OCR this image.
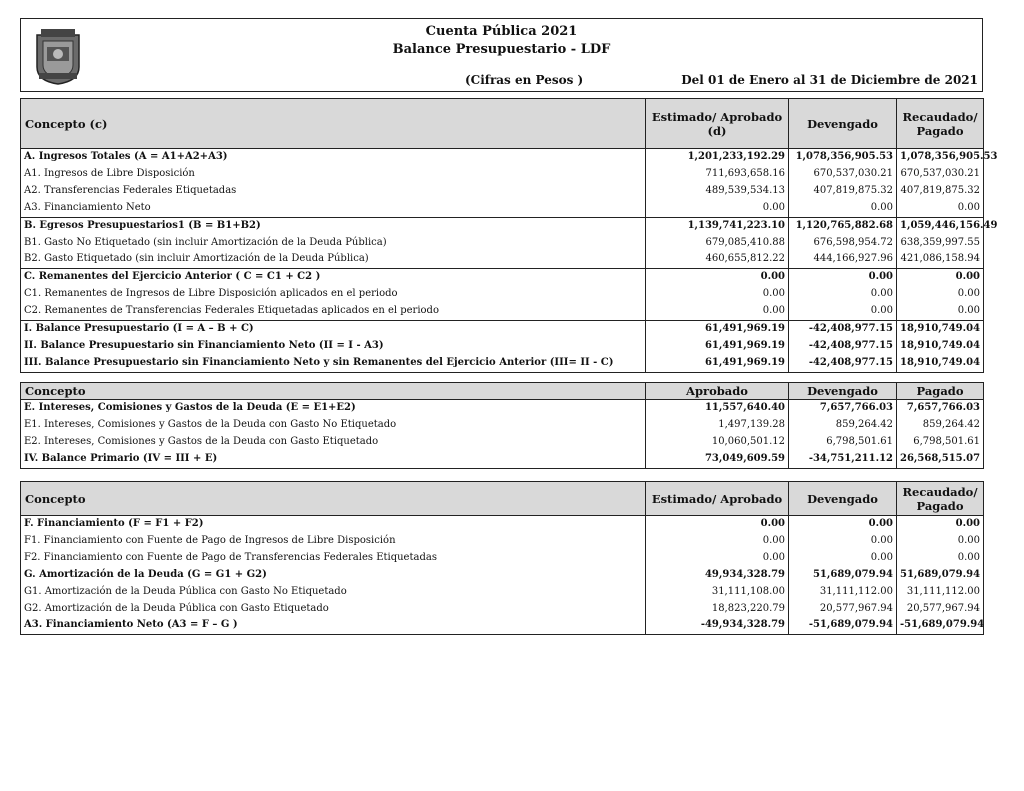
Cuenta Pública 2021
Balance Presupuestario - LDF
(Cifras en Pesos )	Del 01 de Enero al 31 de Diciembre de 2021
Concepto (c)	Estimado/ Aprobado (d)	Devengado	Recaudado/ Pagado
A. Ingresos Totales (A = A1+A2+A3)	1,201,233,192.29	1,078,356,905.53	1,078,356,905.53
A1. Ingresos de Libre Disposición	711,693,658.16	670,537,030.21	670,537,030.21
A2. Transferencias Federales Etiquetadas	489,539,534.13	407,819,875.32	407,819,875.32
A3. Financiamiento Neto	0.00	0.00	0.00
B. Egresos Presupuestarios1 (B = B1+B2)	1,139,741,223.10	1,120,765,882.68	1,059,446,156.49
B1. Gasto No Etiquetado (sin incluir Amortización de la Deuda Pública)	679,085,410.88	676,598,954.72	638,359,997.55
B2. Gasto Etiquetado (sin incluir Amortización de la Deuda Pública)	460,655,812.22	444,166,927.96	421,086,158.94
C. Remanentes del Ejercicio Anterior ( C = C1 + C2 )	0.00	0.00	0.00
C1. Remanentes de Ingresos de Libre Disposición aplicados en el periodo	0.00	0.00	0.00
C2. Remanentes de Transferencias Federales Etiquetadas aplicados en el periodo	0.00	0.00	0.00
I. Balance Presupuestario (I = A – B + C)	61,491,969.19	-42,408,977.15	18,910,749.04
II. Balance Presupuestario sin Financiamiento Neto (II = I - A3)	61,491,969.19	-42,408,977.15	18,910,749.04
III. Balance Presupuestario sin Financiamiento Neto y sin Remanentes del Ejercicio Anterior (III= II - C)	61,491,969.19	-42,408,977.15	18,910,749.04
Concepto	Aprobado	Devengado	Pagado
E. Intereses, Comisiones y Gastos de la Deuda (E = E1+E2)	11,557,640.40	7,657,766.03	7,657,766.03
E1. Intereses, Comisiones y Gastos de la Deuda con Gasto No Etiquetado	1,497,139.28	859,264.42	859,264.42
E2. Intereses, Comisiones y Gastos de la Deuda con Gasto Etiquetado	10,060,501.12	6,798,501.61	6,798,501.61
IV. Balance Primario (IV = III + E)	73,049,609.59	-34,751,211.12	26,568,515.07
Concepto	Estimado/ Aprobado	Devengado	Recaudado/ Pagado
F. Financiamiento (F = F1 + F2)	0.00	0.00	0.00
F1. Financiamiento con Fuente de Pago de Ingresos de Libre Disposición	0.00	0.00	0.00
F2. Financiamiento con Fuente de Pago de Transferencias Federales Etiquetadas	0.00	0.00	0.00
G. Amortización de la Deuda (G = G1 + G2)	49,934,328.79	51,689,079.94	51,689,079.94
G1. Amortización de la Deuda Pública con Gasto No Etiquetado	31,111,108.00	31,111,112.00	31,111,112.00
G2. Amortización de la Deuda Pública con Gasto Etiquetado	18,823,220.79	20,577,967.94	20,577,967.94
A3. Financiamiento Neto (A3 = F – G )	-49,934,328.79	-51,689,079.94	-51,689,079.94
